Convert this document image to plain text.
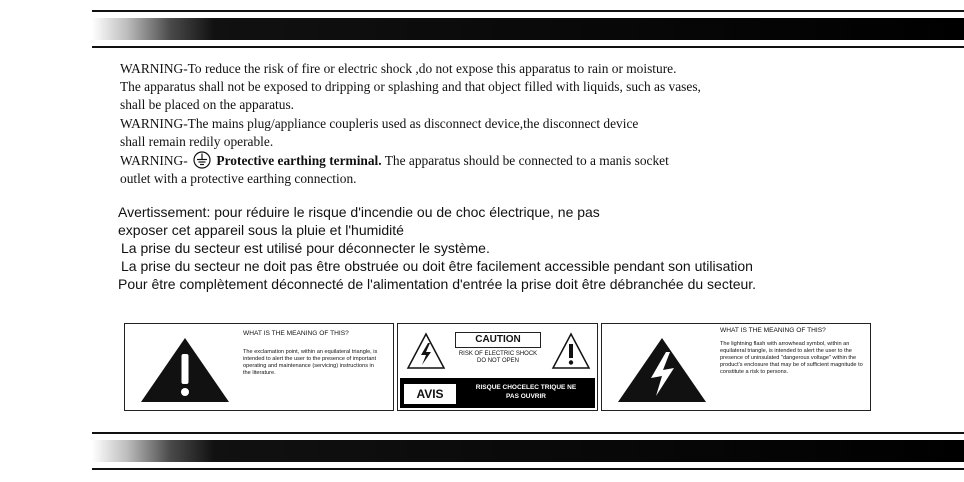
WARNING-To reduce the risk of fire or electric shock ,do not expose this apparatus to rain or moisture.

The apparatus shall not be exposed to dripping or splashing and that object filled with liquids, such as vases,

shall be placed on the apparatus.

WARNING-The mains plug/appliance coupleris used as disconnect device,the disconnect device

shall remain redily operable.

WARNING- Protective earthing terminal. The apparatus should be connected to a manis socket

outlet with a protective earthing connection.

Avertissement: pour réduire le risque d'incendie ou de choc électrique, ne pas

exposer cet appareil sous la pluie et l'humidité

La prise du secteur est utilisé pour déconnecter le système.

La prise du secteur ne doit pas être obstruée ou doit être facilement accessible pendant son utilisation

Pour être complètement déconnecté de l'alimentation d'entrée la prise doit être débranchée du secteur.

WHAT IS THE MEANING OF THIS?
The exclamation point, within an equilateral triangle, is intended to alert the user to the presence of important operating and maintenance (servicing) instructions in the literature.
CAUTION
RISK OF ELECTRIC SHOCK
DO NOT OPEN
AVIS	RISQUE CHOCELEC TRIQUE NE
PAS OUVRIR
WHAT IS THE MEANING OF THIS?
The lightning flash with arrowhead symbol, within an equilateral triangle, is intended to alert the user to the presence of uninsulated "dangerous voltage" within the product's enclosure that may be of sufficient magnitude to constitute a risk to persons.
